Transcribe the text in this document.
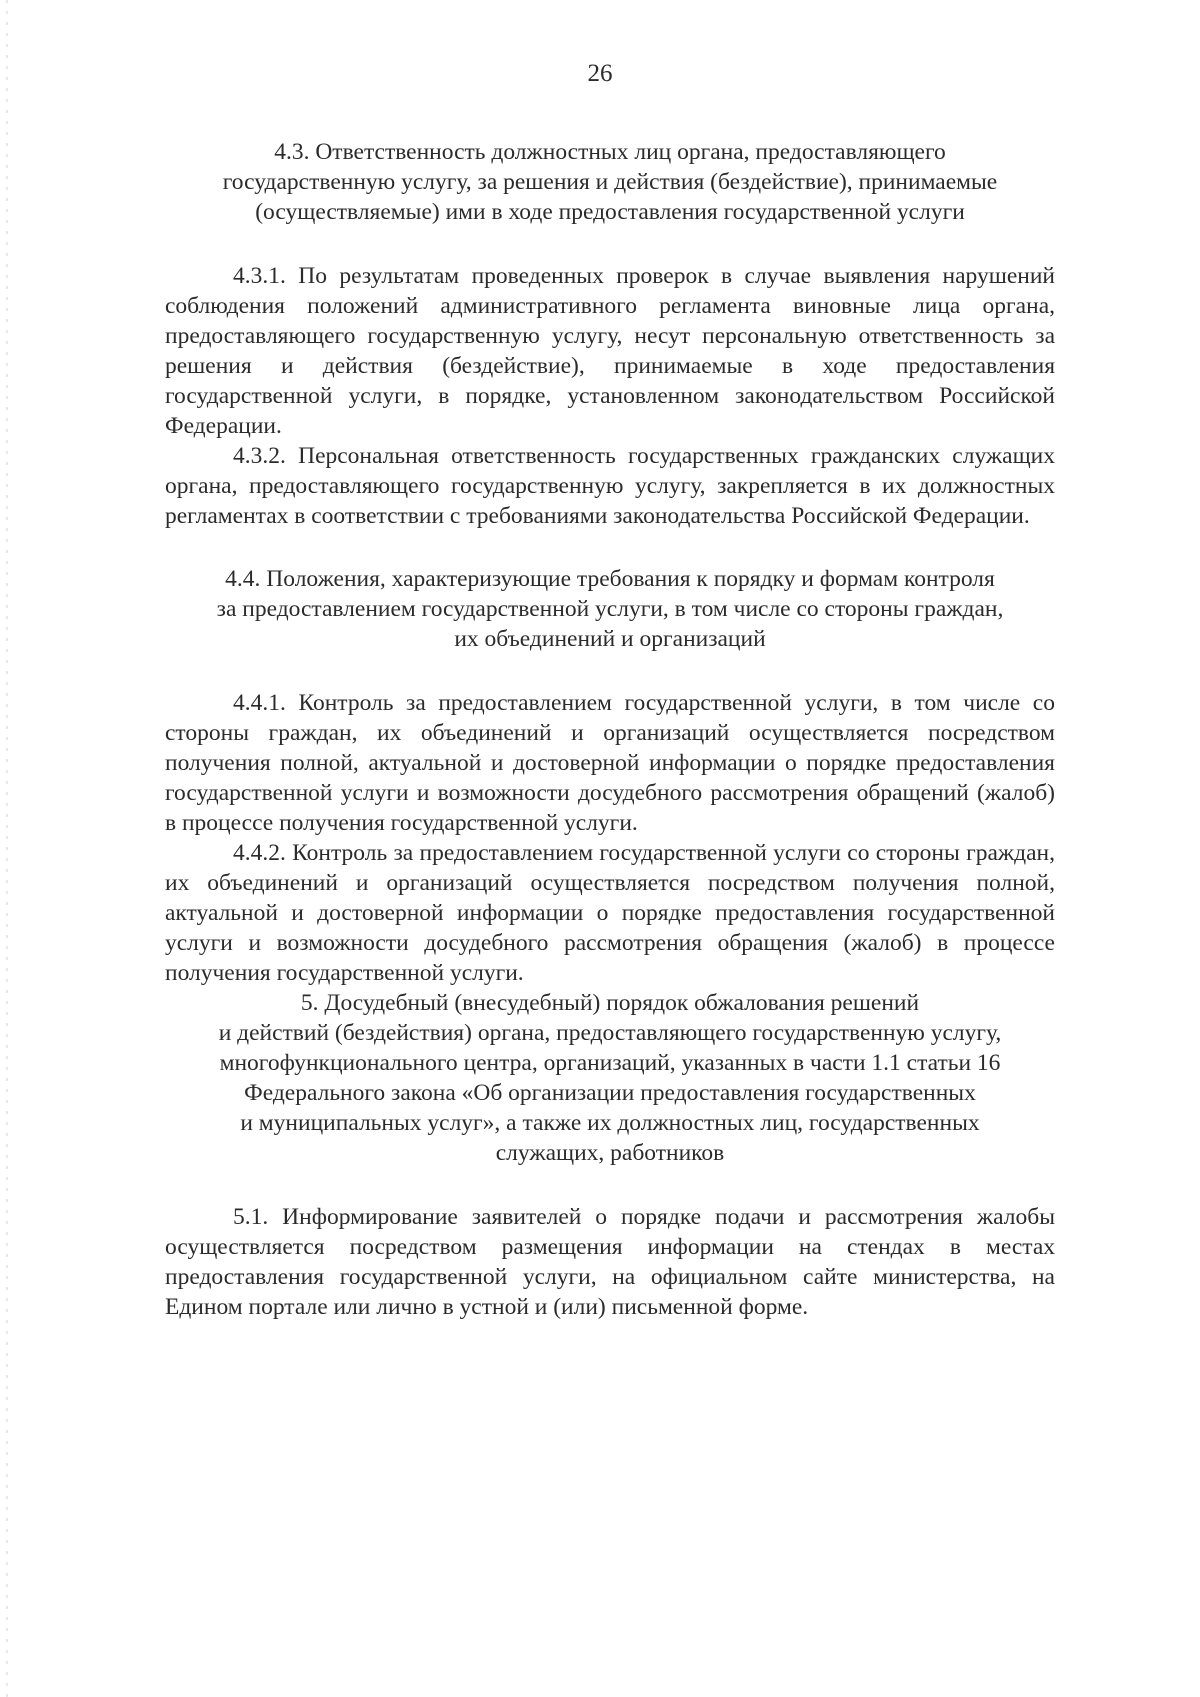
26
4.3. Ответственность должностных лиц органа, предоставляющего
государственную услугу, за решения и действия (бездействие), принимаемые
(осуществляемые) ими в ходе предоставления государственной услуги

4.3.1. По результатам проведенных проверок в случае выявления нарушений соблюдения положений административного регламента виновные лица органа, предоставляющего государственную услугу, несут персональную ответственность за решения и действия (бездействие), принимаемые в ходе предоставления государственной услуги, в порядке, установленном законодательством Российской Федерации.

4.3.2. Персональная ответственность государственных гражданских служащих органа, предоставляющего государственную услугу, закрепляется в их должностных регламентах в соответствии с требованиями законодательства Российской Федерации.

4.4. Положения, характеризующие требования к порядку и формам контроля
за предоставлением государственной услуги, в том числе со стороны граждан,
их объединений и организаций

4.4.1. Контроль за предоставлением государственной услуги, в том числе со стороны граждан, их объединений и организаций осуществляется посредством получения полной, актуальной и достоверной информации о порядке предоставления государственной услуги и возможности досудебного рассмотрения обращений (жалоб) в процессе получения государственной услуги.

4.4.2. Контроль за предоставлением государственной услуги со стороны граждан, их объединений и организаций осуществляется посредством получения полной, актуальной и достоверной информации о порядке предоставления государственной услуги и возможности досудебного рассмотрения обращения (жалоб) в процессе получения государственной услуги.

5. Досудебный (внесудебный) порядок обжалования решений
и действий (бездействия) органа, предоставляющего государственную услугу,
многофункционального центра, организаций, указанных в части 1.1 статьи 16
Федерального закона «Об организации предоставления государственных
и муниципальных услуг», а также их должностных лиц, государственных
служащих, работников

5.1. Информирование заявителей о порядке подачи и рассмотрения жалобы осуществляется посредством размещения информации на стендах в местах предоставления государственной услуги, на официальном сайте министерства, на Едином портале или лично в устной и (или) письменной форме.
